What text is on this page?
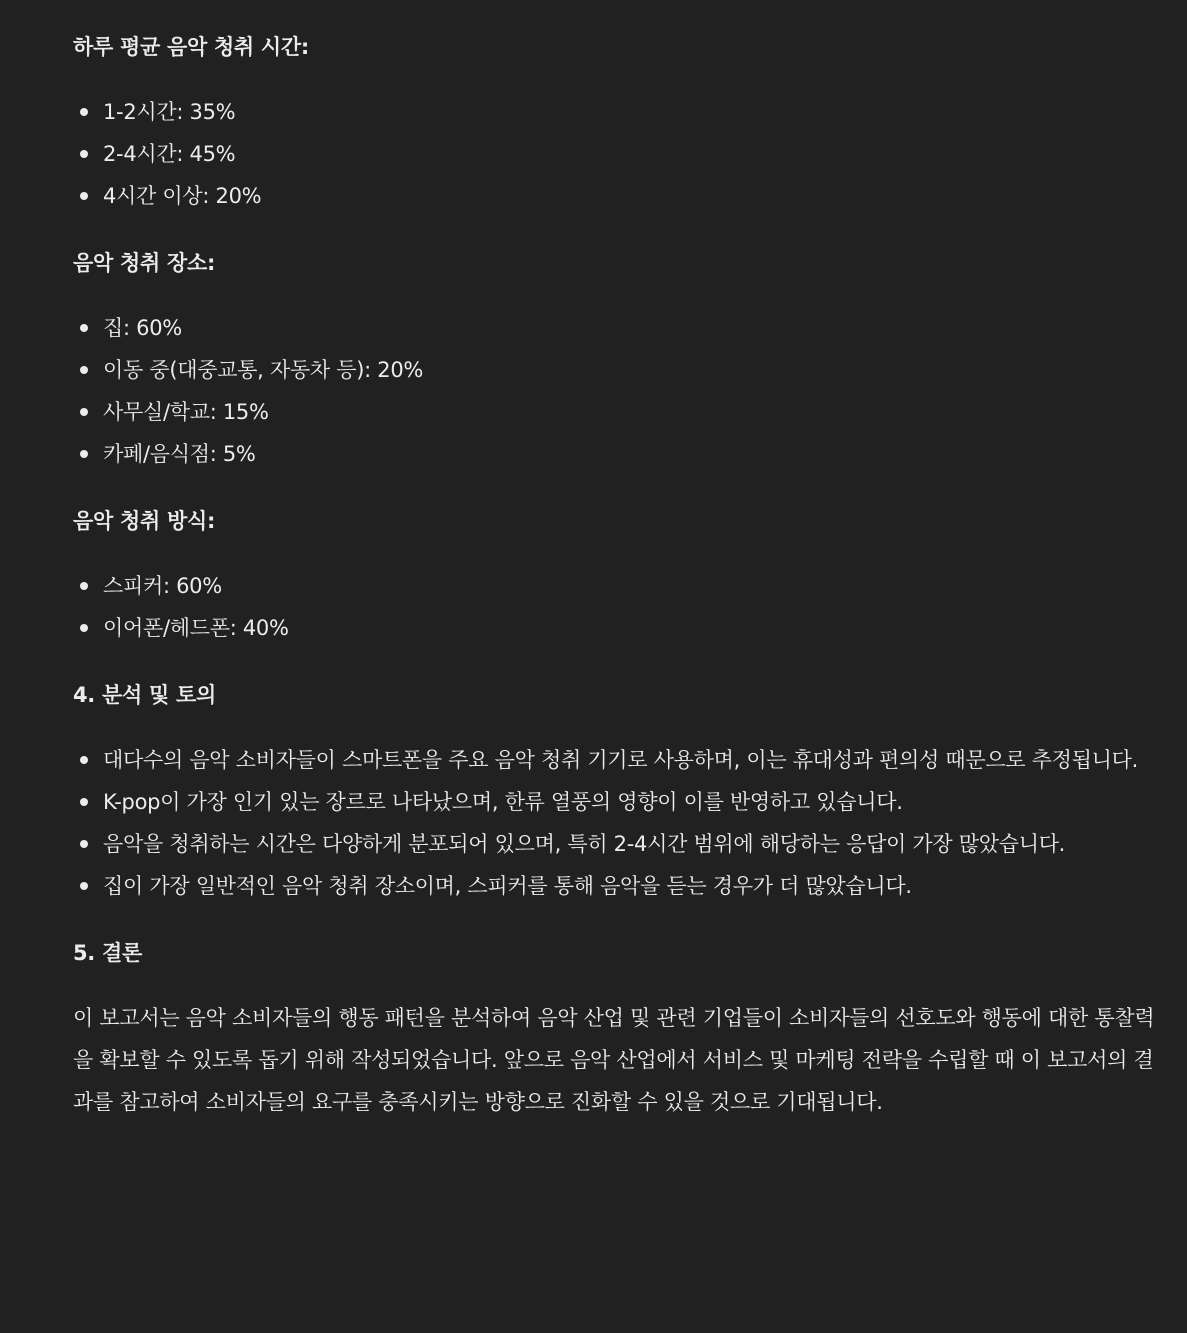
하루 평균 음악 청취 시간:
1-2시간: 35%
2-4시간: 45%
4시간 이상: 20%
음악 청취 장소:
집: 60%
이동 중(대중교통, 자동차 등): 20%
사무실/학교: 15%
카페/음식점: 5%
음악 청취 방식:
스피커: 60%
이어폰/헤드폰: 40%
4. 분석 및 토의
대다수의 음악 소비자들이 스마트폰을 주요 음악 청취 기기로 사용하며, 이는 휴대성과 편의성 때문으로 추정됩니다.
K-pop이 가장 인기 있는 장르로 나타났으며, 한류 열풍의 영향이 이를 반영하고 있습니다.
음악을 청취하는 시간은 다양하게 분포되어 있으며, 특히 2-4시간 범위에 해당하는 응답이 가장 많았습니다.
집이 가장 일반적인 음악 청취 장소이며, 스피커를 통해 음악을 듣는 경우가 더 많았습니다.
5. 결론

이 보고서는 음악 소비자들의 행동 패턴을 분석하여 음악 산업 및 관련 기업들이 소비자들의 선호도와 행동에 대한 통찰력을 확보할 수 있도록 돕기 위해 작성되었습니다. 앞으로 음악 산업에서 서비스 및 마케팅 전략을 수립할 때 이 보고서의 결과를 참고하여 소비자들의 요구를 충족시키는 방향으로 진화할 수 있을 것으로 기대됩니다.
